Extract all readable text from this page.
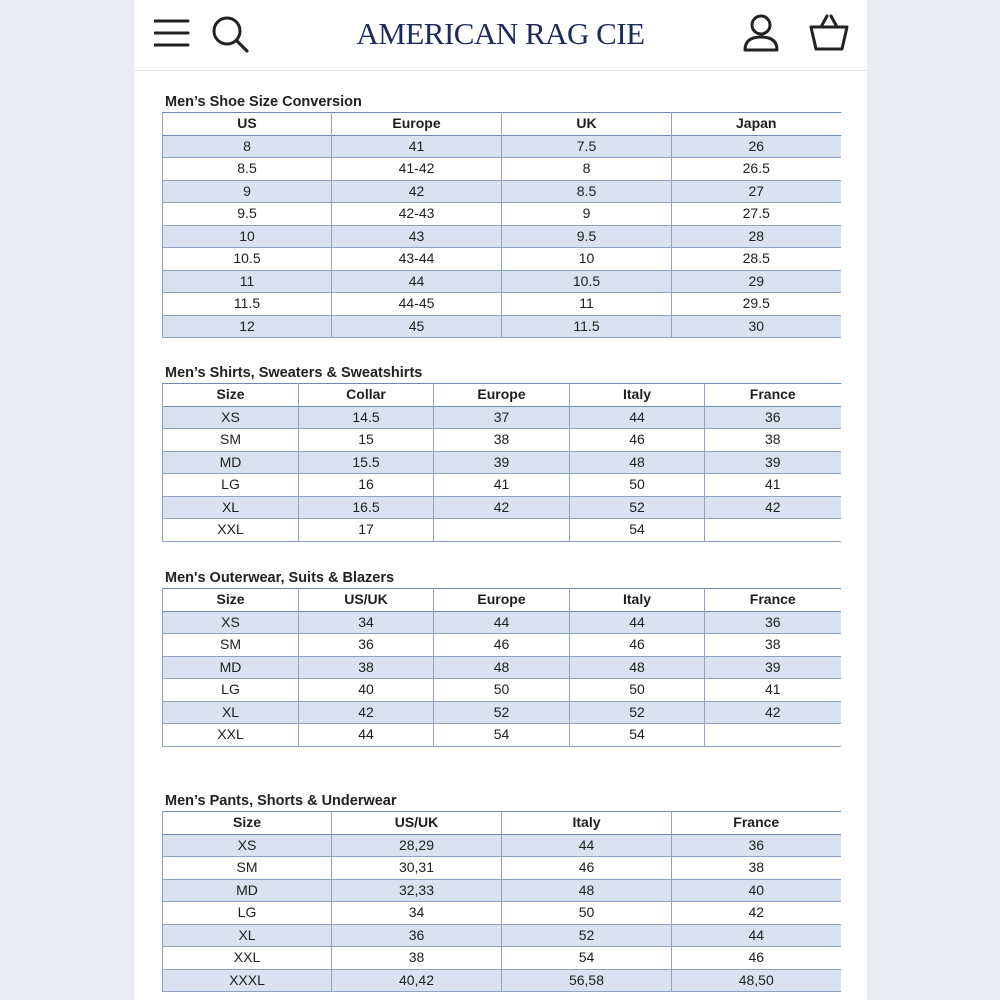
AMERICAN RAG CIE
Men’s Shoe Size Conversion
US	Europe	UK	Japan
8	41	7.5	26
8.5	41-42	8	26.5
9	42	8.5	27
9.5	42-43	9	27.5
10	43	9.5	28
10.5	43-44	10	28.5
11	44	10.5	29
11.5	44-45	11	29.5
12	45	11.5	30
Men’s Shirts, Sweaters & Sweatshirts
Size	Collar	Europe	Italy	France
XS	14.5	37	44	36
SM	15	38	46	38
MD	15.5	39	48	39
LG	16	41	50	41
XL	16.5	42	52	42
XXL	17		54	
Men's Outerwear, Suits & Blazers
Size	US/UK	Europe	Italy	France
XS	34	44	44	36
SM	36	46	46	38
MD	38	48	48	39
LG	40	50	50	41
XL	42	52	52	42
XXL	44	54	54	
Men’s Pants, Shorts & Underwear
Size	US/UK	Italy	France
XS	28,29	44	36
SM	30,31	46	38
MD	32,33	48	40
LG	34	50	42
XL	36	52	44
XXL	38	54	46
XXXL	40,42	56,58	48,50
